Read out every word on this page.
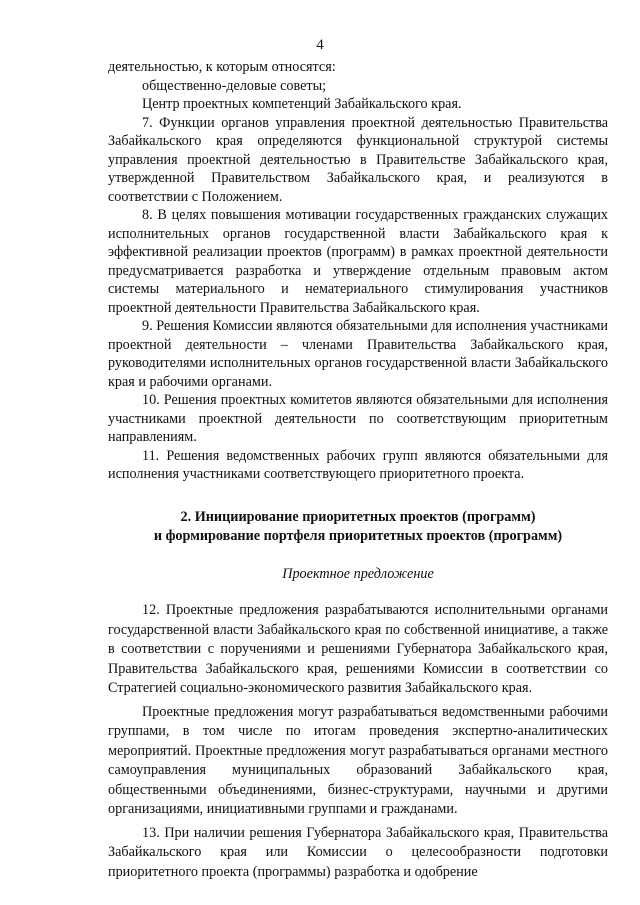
4

деятельностью, к которым относятся:

общественно-деловые советы;

Центр проектных компетенций Забайкальского края.

7. Функции органов управления проектной деятельностью Правительства Забайкальского края определяются функциональной структурой системы управления проектной деятельностью в Правительстве Забайкальского края, утвержденной Правительством Забайкальского края, и реализуются в соответствии с Положением.

8. В целях повышения мотивации государственных гражданских служащих исполнительных органов государственной власти Забайкальского края к эффективной реализации проектов (программ) в рамках проектной деятельности предусматривается разработка и утверждение отдельным правовым актом системы материального и нематериального стимулирования участников проектной деятельности Правительства Забайкальского края.

9. Решения Комиссии являются обязательными для исполнения участниками проектной деятельности – членами Правительства Забайкальского края, руководителями исполнительных органов государственной власти Забайкальского края и рабочими органами.

10. Решения проектных комитетов являются обязательными для исполнения участниками проектной деятельности по соответствующим приоритетным направлениям.

11. Решения ведомственных рабочих групп являются обязательными для исполнения участниками соответствующего приоритетного проекта.

2. Инициирование приоритетных проектов (программ)
и формирование портфеля приоритетных проектов (программ)
Проектное предложение

12. Проектные предложения разрабатываются исполнительными органами государственной власти Забайкальского края по собственной инициативе, а также в соответствии с поручениями и решениями Губернатора Забайкальского края, Правительства Забайкальского края, решениями Комиссии в соответствии со Стратегией социально-экономического развития Забайкальского края.

Проектные предложения могут разрабатываться ведомственными рабочими группами, в том числе по итогам проведения экспертно-аналитических мероприятий. Проектные предложения могут разрабатываться органами местного самоуправления муниципальных образований Забайкальского края, общественными объединениями, бизнес-структурами, научными и другими организациями, инициативными группами и гражданами.

13. При наличии решения Губернатора Забайкальского края, Правительства Забайкальского края или Комиссии о целесообразности подготовки приоритетного проекта (программы) разработка и одобрение
